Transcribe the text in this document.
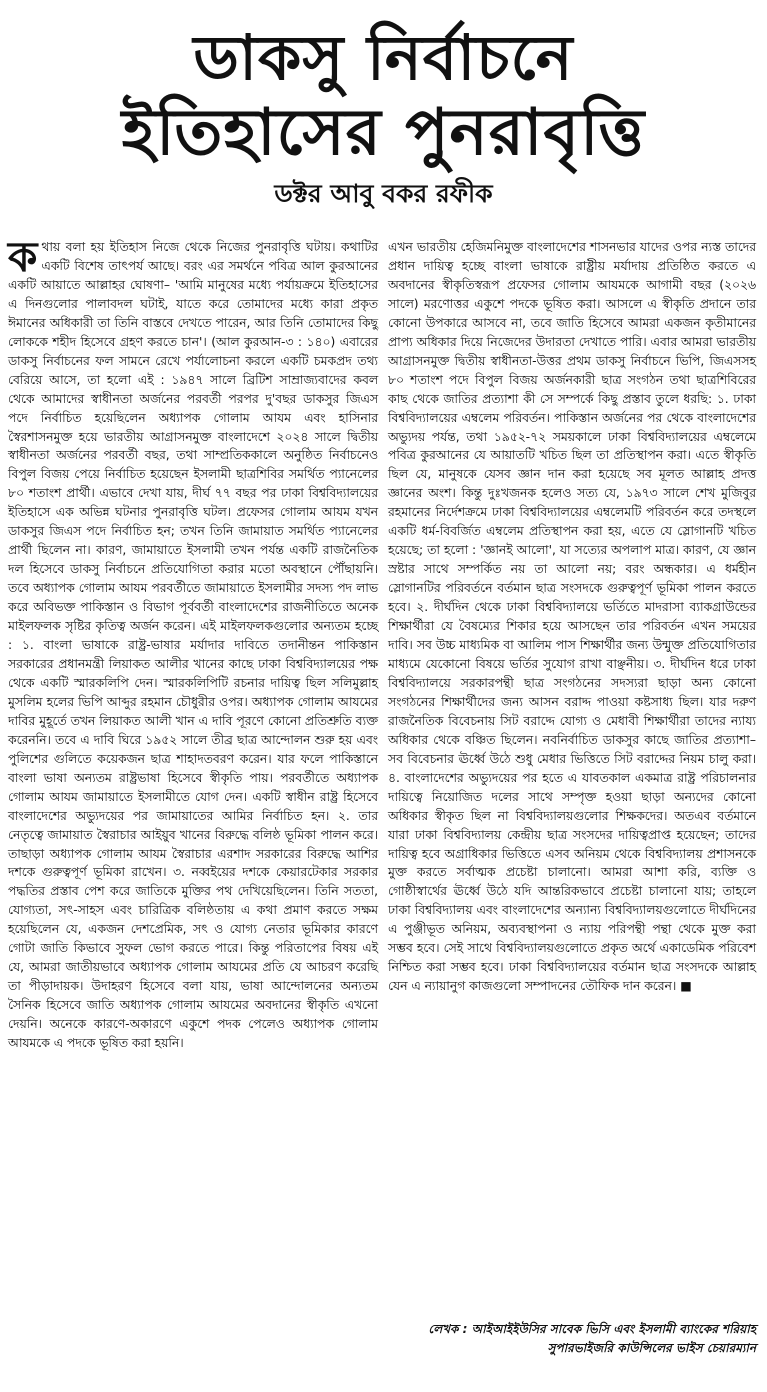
ডাকসু নির্বাচনে
ইতিহাসের পুনরাবৃত্তি
ডক্টর আবু বকর রফীক

কথায় বলা হয় ইতিহাস নিজে থেকে নিজের পুনরাবৃত্তি ঘটায়। কথাটির একটি বিশেষ তাৎপর্য আছে। বরং এর সমর্থনে পবিত্র আল কুরআনের একটি আয়াতে আল্লাহর ঘোষণা– 'আমি মানুষের মধ্যে পর্যায়ক্রমে ইতিহাসের এ দিনগুলোর পালাবদল ঘটাই, যাতে করে তোমাদের মধ্যে কারা প্রকৃত ঈমানের অধিকারী তা তিনি বাস্তবে দেখতে পারেন, আর তিনি তোমাদের কিছু লোককে শহীদ হিসেবে গ্রহণ করতে চান'। (আল কুরআন-৩ : ১৪০) এবারের ডাকসু নির্বাচনের ফল সামনে রেখে পর্যালোচনা করলে একটি চমকপ্রদ তথ্য বেরিয়ে আসে, তা হলো এই : ১৯৪৭ সালে ব্রিটিশ সাম্রাজ্যবাদের কবল থেকে আমাদের স্বাধীনতা অর্জনের পরবর্তী পরপর দু'বছর ডাকসুর জিএস পদে নির্বাচিত হয়েছিলেন অধ্যাপক গোলাম আযম এবং হাসিনার স্বৈরশাসনমুক্ত হয়ে ভারতীয় আগ্রাসনমুক্ত বাংলাদেশে ২০২৪ সালে দ্বিতীয় স্বাধীনতা অর্জনের পরবর্তী বছর, তথা সাম্প্রতিককালে অনুষ্ঠিত নির্বাচনেও বিপুল বিজয় পেয়ে নির্বাচিত হয়েছেন ইসলামী ছাত্রশিবির সমর্থিত প্যানেলের ৮০ শতাংশ প্রার্থী। এভাবে দেখা যায়, দীর্ঘ ৭৭ বছর পর ঢাকা বিশ্ববিদ্যালয়ের ইতিহাসে এক অভিন্ন ঘটনার পুনরাবৃত্তি ঘটল। প্রফেসর গোলাম আযম যখন ডাকসুর জিএস পদে নির্বাচিত হন; তখন তিনি জামায়াত সমর্থিত প্যানেলের প্রার্থী ছিলেন না। কারণ, জামায়াতে ইসলামী তখন পর্যন্ত একটি রাজনৈতিক দল হিসেবে ডাকসু নির্বাচনে প্রতিযোগিতা করার মতো অবস্থানে পৌঁছায়নি। তবে অধ্যাপক গোলাম আযম পরবর্তীতে জামায়াতে ইসলামীর সদস্য পদ লাভ করে অবিভক্ত পাকিস্তান ও বিভাগ পূর্ববর্তী বাংলাদেশের রাজনীতিতে অনেক মাইলফলক সৃষ্টির কৃতিত্ব অর্জন করেন। এই মাইলফলকগুলোর অন্যতম হচ্ছে : ১. বাংলা ভাষাকে রাষ্ট্র-ভাষার মর্যাদার দাবিতে তদানীন্তন পাকিস্তান সরকারের প্রধানমন্ত্রী লিয়াকত আলীর খানের কাছে ঢাকা বিশ্ববিদ্যালয়ের পক্ষ থেকে একটি স্মারকলিপি দেন। স্মারকলিপিটি রচনার দায়িত্ব ছিল সলিমুল্লাহ মুসলিম হলের ভিপি আব্দুর রহমান চৌধুরীর ওপর। অধ্যাপক গোলাম আযমের দাবির মুহূর্তে তখন লিয়াকত আলী খান এ দাবি পূরণে কোনো প্রতিশ্রুতি ব্যক্ত করেননি। তবে এ দাবি ঘিরে ১৯৫২ সালে তীব্র ছাত্র আন্দোলন শুরু হয় এবং পুলিশের গুলিতে কয়েকজন ছাত্র শাহাদতবরণ করেন। যার ফলে পাকিস্তানে বাংলা ভাষা অন্যতম রাষ্ট্রভাষা হিসেবে স্বীকৃতি পায়। পরবর্তীতে অধ্যাপক গোলাম আযম জামায়াতে ইসলামীতে যোগ দেন। একটি স্বাধীন রাষ্ট্র হিসেবে বাংলাদেশের অভ্যুদয়ের পর জামায়াতের আমির নির্বাচিত হন। ২. তার নেতৃত্বে জামায়াত স্বৈরাচার আইয়ুব খানের বিরুদ্ধে বলিষ্ঠ ভূমিকা পালন করে। তাছাড়া অধ্যাপক গোলাম আযম স্বৈরাচার এরশাদ সরকারের বিরুদ্ধে আশির দশকে গুরুত্বপূর্ণ ভূমিকা রাখেন। ৩. নব্বইয়ের দশকে কেয়ারটেকার সরকার পদ্ধতির প্রস্তাব পেশ করে জাতিকে মুক্তির পথ দেখিয়েছিলেন। তিনি সততা, যোগ্যতা, সৎ-সাহস এবং চারিত্রিক বলিষ্ঠতায় এ কথা প্রমাণ করতে সক্ষম হয়েছিলেন যে, একজন দেশপ্রেমিক, সৎ ও যোগ্য নেতার ভূমিকার কারণে গোটা জাতি কিভাবে সুফল ভোগ করতে পারে। কিন্তু পরিতাপের বিষয় এই যে, আমরা জাতীয়ভাবে অধ্যাপক গোলাম আযমের প্রতি যে আচরণ করেছি তা পীড়াদায়ক। উদাহরণ হিসেবে বলা যায়, ভাষা আন্দোলনের অন্যতম সৈনিক হিসেবে জাতি অধ্যাপক গোলাম আযমের অবদানের স্বীকৃতি এখনো দেয়নি। অনেকে কারণে-অকারণে একুশে পদক পেলেও অধ্যাপক গোলাম আযমকে এ পদকে ভূষিত করা হয়নি।

এখন ভারতীয় হেজিমনিমুক্ত বাংলাদেশের শাসনভার যাদের ওপর ন্যস্ত তাদের প্রধান দায়িত্ব হচ্ছে বাংলা ভাষাকে রাষ্ট্রীয় মর্যাদায় প্রতিষ্ঠিত করতে এ অবদানের স্বীকৃতিস্বরূপ প্রফেসর গোলাম আযমকে আগামী বছর (২০২৬ সালে) মরণোত্তর একুশে পদকে ভূষিত করা। আসলে এ স্বীকৃতি প্রদানে তার কোনো উপকারে আসবে না, তবে জাতি হিসেবে আমরা একজন কৃতীমানের প্রাপ্য অধিকার দিয়ে নিজেদের উদারতা দেখাতে পারি। এবার আমরা ভারতীয় আগ্রাসনমুক্ত দ্বিতীয় স্বাধীনতা-উত্তর প্রথম ডাকসু নির্বাচনে ভিপি, জিএসসহ ৮০ শতাংশ পদে বিপুল বিজয় অর্জনকারী ছাত্র সংগঠন তথা ছাত্রশিবিরের কাছ থেকে জাতির প্রত্যাশা কী সে সম্পর্কে কিছু প্রস্তাব তুলে ধরছি: ১. ঢাকা বিশ্ববিদ্যালয়ের এম্বলেম পরিবর্তন। পাকিস্তান অর্জনের পর থেকে বাংলাদেশের অভ্যুদয় পর্যন্ত, তথা ১৯৫২-৭২ সময়কালে ঢাকা বিশ্ববিদ্যালয়ের এম্বলেমে পবিত্র কুরআনের যে আয়াতটি খচিত ছিল তা প্রতিস্থাপন করা। এতে স্বীকৃতি ছিল যে, মানুষকে যেসব জ্ঞান দান করা হয়েছে সব মূলত আল্লাহ প্রদত্ত জ্ঞানের অংশ। কিন্তু দুঃখজনক হলেও সত্য যে, ১৯৭৩ সালে শেখ মুজিবুর রহমানের নির্দেশক্রমে ঢাকা বিশ্ববিদ্যালয়ের এম্বলেমটি পরিবর্তন করে তদস্থলে একটি ধর্ম-বিবর্জিত এম্বলেম প্রতিস্থাপন করা হয়, এতে যে স্লোগানটি খচিত হয়েছে; তা হলো : 'জ্ঞানই আলো', যা সত্যের অপলাপ মাত্র। কারণ, যে জ্ঞান স্রষ্টার সাথে সম্পর্কিত নয় তা আলো নয়; বরং অন্ধকার। এ ধর্মহীন স্লোগানটির পরিবর্তনে বর্তমান ছাত্র সংসদকে গুরুত্বপূর্ণ ভূমিকা পালন করতে হবে। ২. দীর্ঘদিন থেকে ঢাকা বিশ্ববিদ্যালয়ে ভর্তিতে মাদরাসা ব্যাকগ্রাউন্ডের শিক্ষার্থীরা যে বৈষম্যের শিকার হয়ে আসছেন তার পরিবর্তন এখন সময়ের দাবি। সব উচ্চ মাধ্যমিক বা আলিম পাস শিক্ষার্থীর জন্য উন্মুক্ত প্রতিযোগিতার মাধ্যমে যেকোনো বিষয়ে ভর্তির সুযোগ রাখা বাঞ্ছনীয়। ৩. দীর্ঘদিন ধরে ঢাকা বিশ্ববিদ্যালয়ে সরকারপন্থী ছাত্র সংগঠনের সদস্যরা ছাড়া অন্য কোনো সংগঠনের শিক্ষার্থীদের জন্য আসন বরাদ্দ পাওয়া কষ্টসাধ্য ছিল। যার দরুণ রাজনৈতিক বিবেচনায় সিট বরাদ্দে যোগ্য ও মেধাবী শিক্ষার্থীরা তাদের ন্যায্য অধিকার থেকে বঞ্চিত ছিলেন। নবনির্বাচিত ডাকসুর কাছে জাতির প্রত্যাশা– সব বিবেচনার ঊর্ধ্বে উঠে শুধু মেধার ভিত্তিতে সিট বরাদ্দের নিয়ম চালু করা। ৪. বাংলাদেশের অভ্যুদয়ের পর হতে এ যাবতকাল একমাত্র রাষ্ট্র পরিচালনার দায়িত্বে নিয়োজিত দলের সাথে সম্পৃক্ত হওয়া ছাড়া অন্যদের কোনো অধিকার স্বীকৃত ছিল না বিশ্ববিদ্যালয়গুলোর শিক্ষকদের। অতএব বর্তমানে যারা ঢাকা বিশ্ববিদ্যালয় কেন্দ্রীয় ছাত্র সংসদের দায়িত্বপ্রাপ্ত হয়েছেন; তাদের দায়িত্ব হবে অগ্রাধিকার ভিত্তিতে এসব অনিয়ম থেকে বিশ্ববিদ্যালয় প্রশাসনকে মুক্ত করতে সর্বাত্মক প্রচেষ্টা চালানো। আমরা আশা করি, ব্যক্তি ও গোষ্ঠীস্বার্থের ঊর্ধ্বে উঠে যদি আন্তরিকভাবে প্রচেষ্টা চালানো যায়; তাহলে ঢাকা বিশ্ববিদ্যালয় এবং বাংলাদেশের অন্যান্য বিশ্ববিদ্যালয়গুলোতে দীর্ঘদিনের এ পুঞ্জীভূত অনিয়ম, অব্যবস্থাপনা ও ন্যায় পরিপন্থী পন্থা থেকে মুক্ত করা সম্ভব হবে। সেই সাথে বিশ্ববিদ্যালয়গুলোতে প্রকৃত অর্থে একাডেমিক পরিবেশ নিশ্চিত করা সম্ভব হবে। ঢাকা বিশ্ববিদ্যালয়ের বর্তমান ছাত্র সংসদকে আল্লাহ যেন এ ন্যায়ানুগ কাজগুলো সম্পাদনের তৌফিক দান করেন। ■

লেখক : আইআইইউসির সাবেক ভিসি এবং ইসলামী ব্যাংকের শরিয়াহ সুপারভাইজরি কাউন্সিলের ভাইস চেয়ারম্যান
